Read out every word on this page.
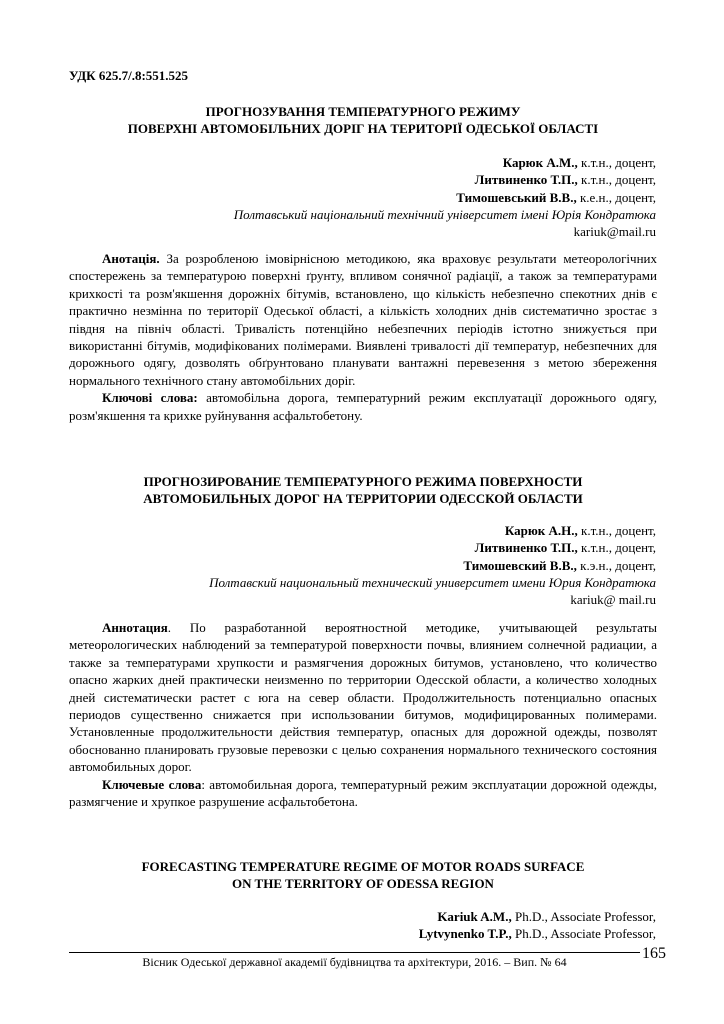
УДК 625.7/.8:551.525
ПРОГНОЗУВАННЯ ТЕМПЕРАТУРНОГО РЕЖИМУ
ПОВЕРХНІ АВТОМОБІЛЬНИХ ДОРІГ НА ТЕРИТОРІЇ ОДЕСЬКОЇ ОБЛАСТІ
Карюк А.М., к.т.н., доцент,
Литвиненко Т.П., к.т.н., доцент,
Тимошевський В.В., к.е.н., доцент,
Полтавський національний технічний університет імені Юрія Кондратюка
kariuk@mail.ru

Анотація. За розробленою імовірнісною методикою, яка враховує результати метеорологічних спостережень за температурою поверхні ґрунту, впливом сонячної радіації, а також за температурами крихкості та розм'якшення дорожніх бітумів, встановлено, що кількість небезпечно спекотних днів є практично незмінна по території Одеської області, а кількість холодних днів систематично зростає з півдня на північ області. Тривалість потенційно небезпечних періодів істотно знижується при використанні бітумів, модифікованих полімерами. Виявлені тривалості дії температур, небезпечних для дорожнього одягу, дозволять обґрунтовано планувати вантажні перевезення з метою збереження нормального технічного стану автомобільних доріг.

Ключові слова: автомобільна дорога, температурний режим експлуатації дорожнього одягу, розм'якшення та крихке руйнування асфальтобетону.

ПРОГНОЗИРОВАНИЕ ТЕМПЕРАТУРНОГО РЕЖИМА ПОВЕРХНОСТИ
АВТОМОБИЛЬНЫХ ДОРОГ НА ТЕРРИТОРИИ ОДЕССКОЙ ОБЛАСТИ
Карюк А.Н., к.т.н., доцент,
Литвиненко Т.П., к.т.н., доцент,
Тимошевский В.В., к.э.н., доцент,
Полтавский национальный технический университет имени Юрия Кондратюка
kariuk@ mail.ru

Аннотация. По разработанной вероятностной методике, учитывающей результаты метеорологических наблюдений за температурой поверхности почвы, влиянием солнечной радиации, а также за температурами хрупкости и размягчения дорожных битумов, установлено, что количество опасно жарких дней практически неизменно по территории Одесской области, а количество холодных дней систематически растет с юга на север области. Продолжительность потенциально опасных периодов существенно снижается при использовании битумов, модифицированных полимерами. Установленные продолжительности действия температур, опасных для дорожной одежды, позволят обоснованно планировать грузовые перевозки с целью сохранения нормального технического состояния автомобильных дорог.

Ключевые слова: автомобильная дорога, температурный режим эксплуатации дорожной одежды, размягчение и хрупкое разрушение асфальтобетона.

FORECASTING TEMPERATURE REGIME OF MOTOR ROADS SURFACE
ON THE TERRITORY OF ODESSA REGION
Kariuk A.M., Ph.D., Associate Professor,
Lytvynenko T.P., Ph.D., Associate Professor,
Вісник Одеської державної академії будівництва та архітектури, 2016. – Вип. № 64	165
